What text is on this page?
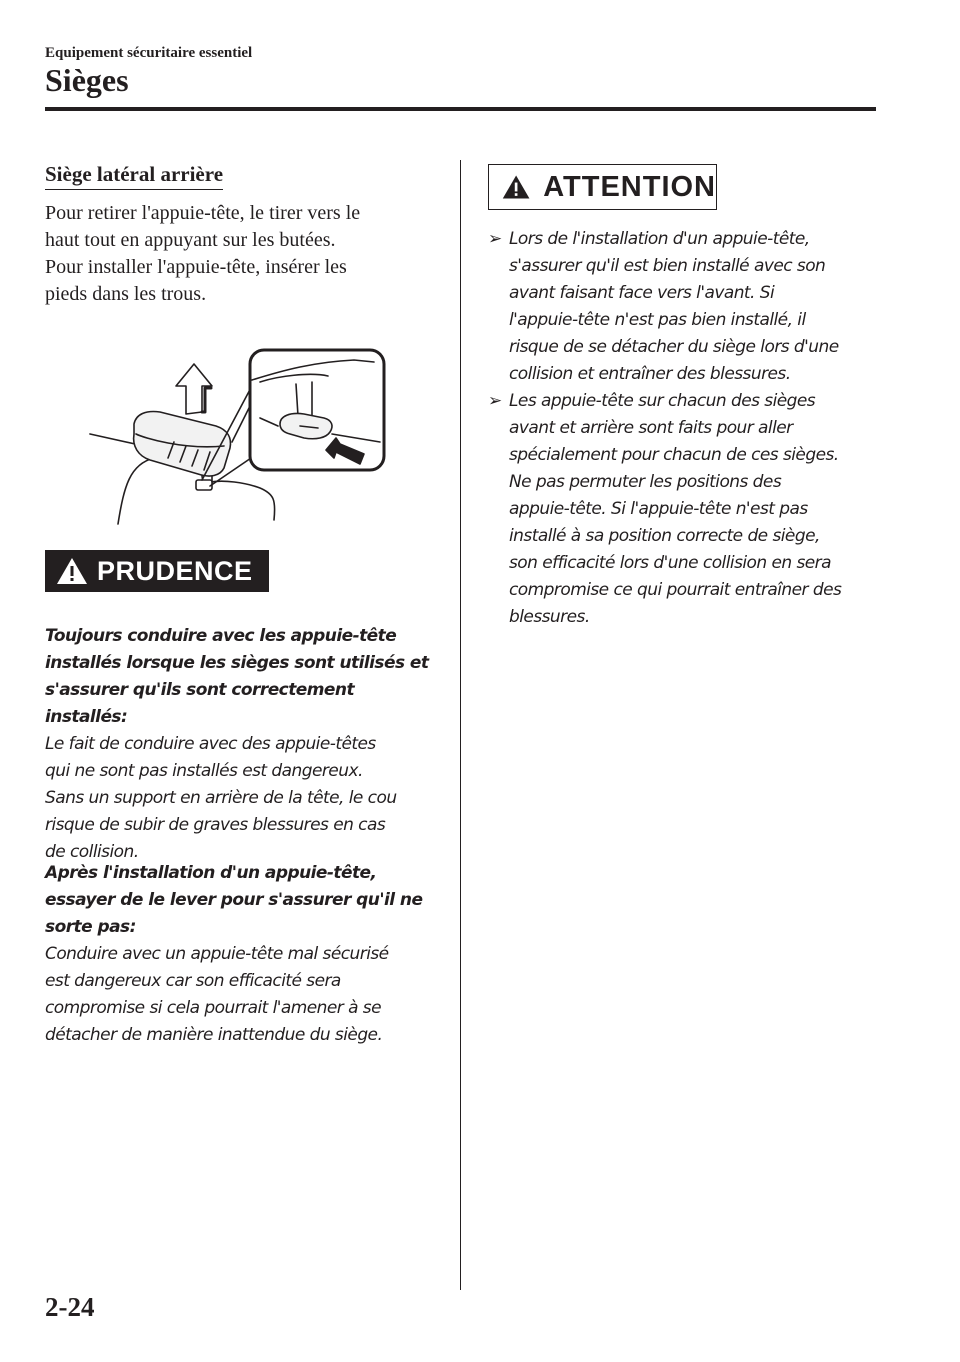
Equipement sécuritaire essentiel
Sièges
Siège latéral arrière

Pour retirer l'appuie-tête, le tirer vers le
haut tout en appuyant sur les butées.
Pour installer l'appuie-tête, insérer les
pieds dans les trous.

PRUDENCE

Toujours conduire avec les appuie-tête
installés lorsque les sièges sont utilisés et
s'assurer qu'ils sont correctement installés:
Le fait de conduire avec des appuie-têtes
qui ne sont pas installés est dangereux.
Sans un support en arrière de la tête, le cou
risque de subir de graves blessures en cas
de collision.

Après l'installation d'un appuie-tête,
essayer de le lever pour s'assurer qu'il ne
sorte pas:
Conduire avec un appuie-tête mal sécurisé
est dangereux car son efficacité sera
compromise si cela pourrait l'amener à se
détacher de manière inattendue du siège.

ATTENTION
➢ Lors de l'installation d'un appuie-tête,
s'assurer qu'il est bien installé avec son
avant faisant face vers l'avant. Si
l'appuie-tête n'est pas bien installé, il
risque de se détacher du siège lors d'une
collision et entraîner des blessures.
➢ Les appuie-tête sur chacun des sièges
avant et arrière sont faits pour aller
spécialement pour chacun de ces sièges.
Ne pas permuter les positions des
appuie-tête. Si l'appuie-tête n'est pas
installé à sa position correcte de siège,
son efficacité lors d'une collision en sera
compromise ce qui pourrait entraîner des
blessures.
2-24
